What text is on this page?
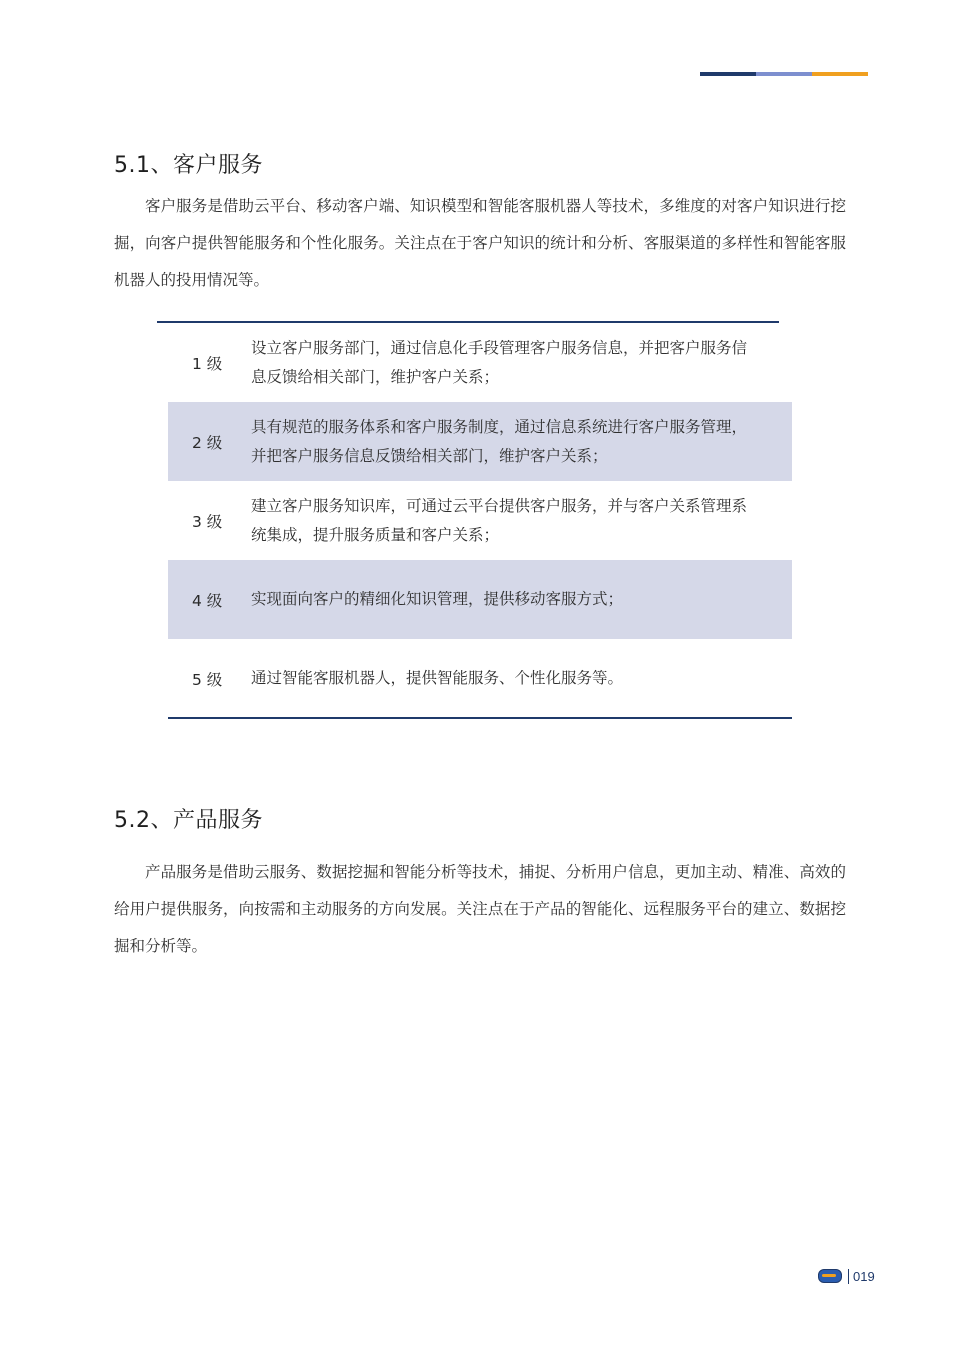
5.1、客户服务

客户服务是借助云平台、移动客户端、知识模型和智能客服机器人等技术，多维度的对客户知识进行挖掘，向客户提供智能服务和个性化服务。关注点在于客户知识的统计和分析、客服渠道的多样性和智能客服机器人的投用情况等。

1 级
设立客户服务部门，通过信息化手段管理客户服务信息，并把客户服务信息反馈给相关部门，维护客户关系；
2 级
具有规范的服务体系和客户服务制度，通过信息系统进行客户服务管理，并把客户服务信息反馈给相关部门，维护客户关系；
3 级
建立客户服务知识库，可通过云平台提供客户服务，并与客户关系管理系统集成，提升服务质量和客户关系；
4 级	实现面向客户的精细化知识管理，提供移动客服方式；
5 级	通过智能客服机器人，提供智能服务、个性化服务等。
5.2、产品服务

产品服务是借助云服务、数据挖掘和智能分析等技术，捕捉、分析用户信息，更加主动、精准、高效的给用户提供服务，向按需和主动服务的方向发展。关注点在于产品的智能化、远程服务平台的建立、数据挖掘和分析等。

019
